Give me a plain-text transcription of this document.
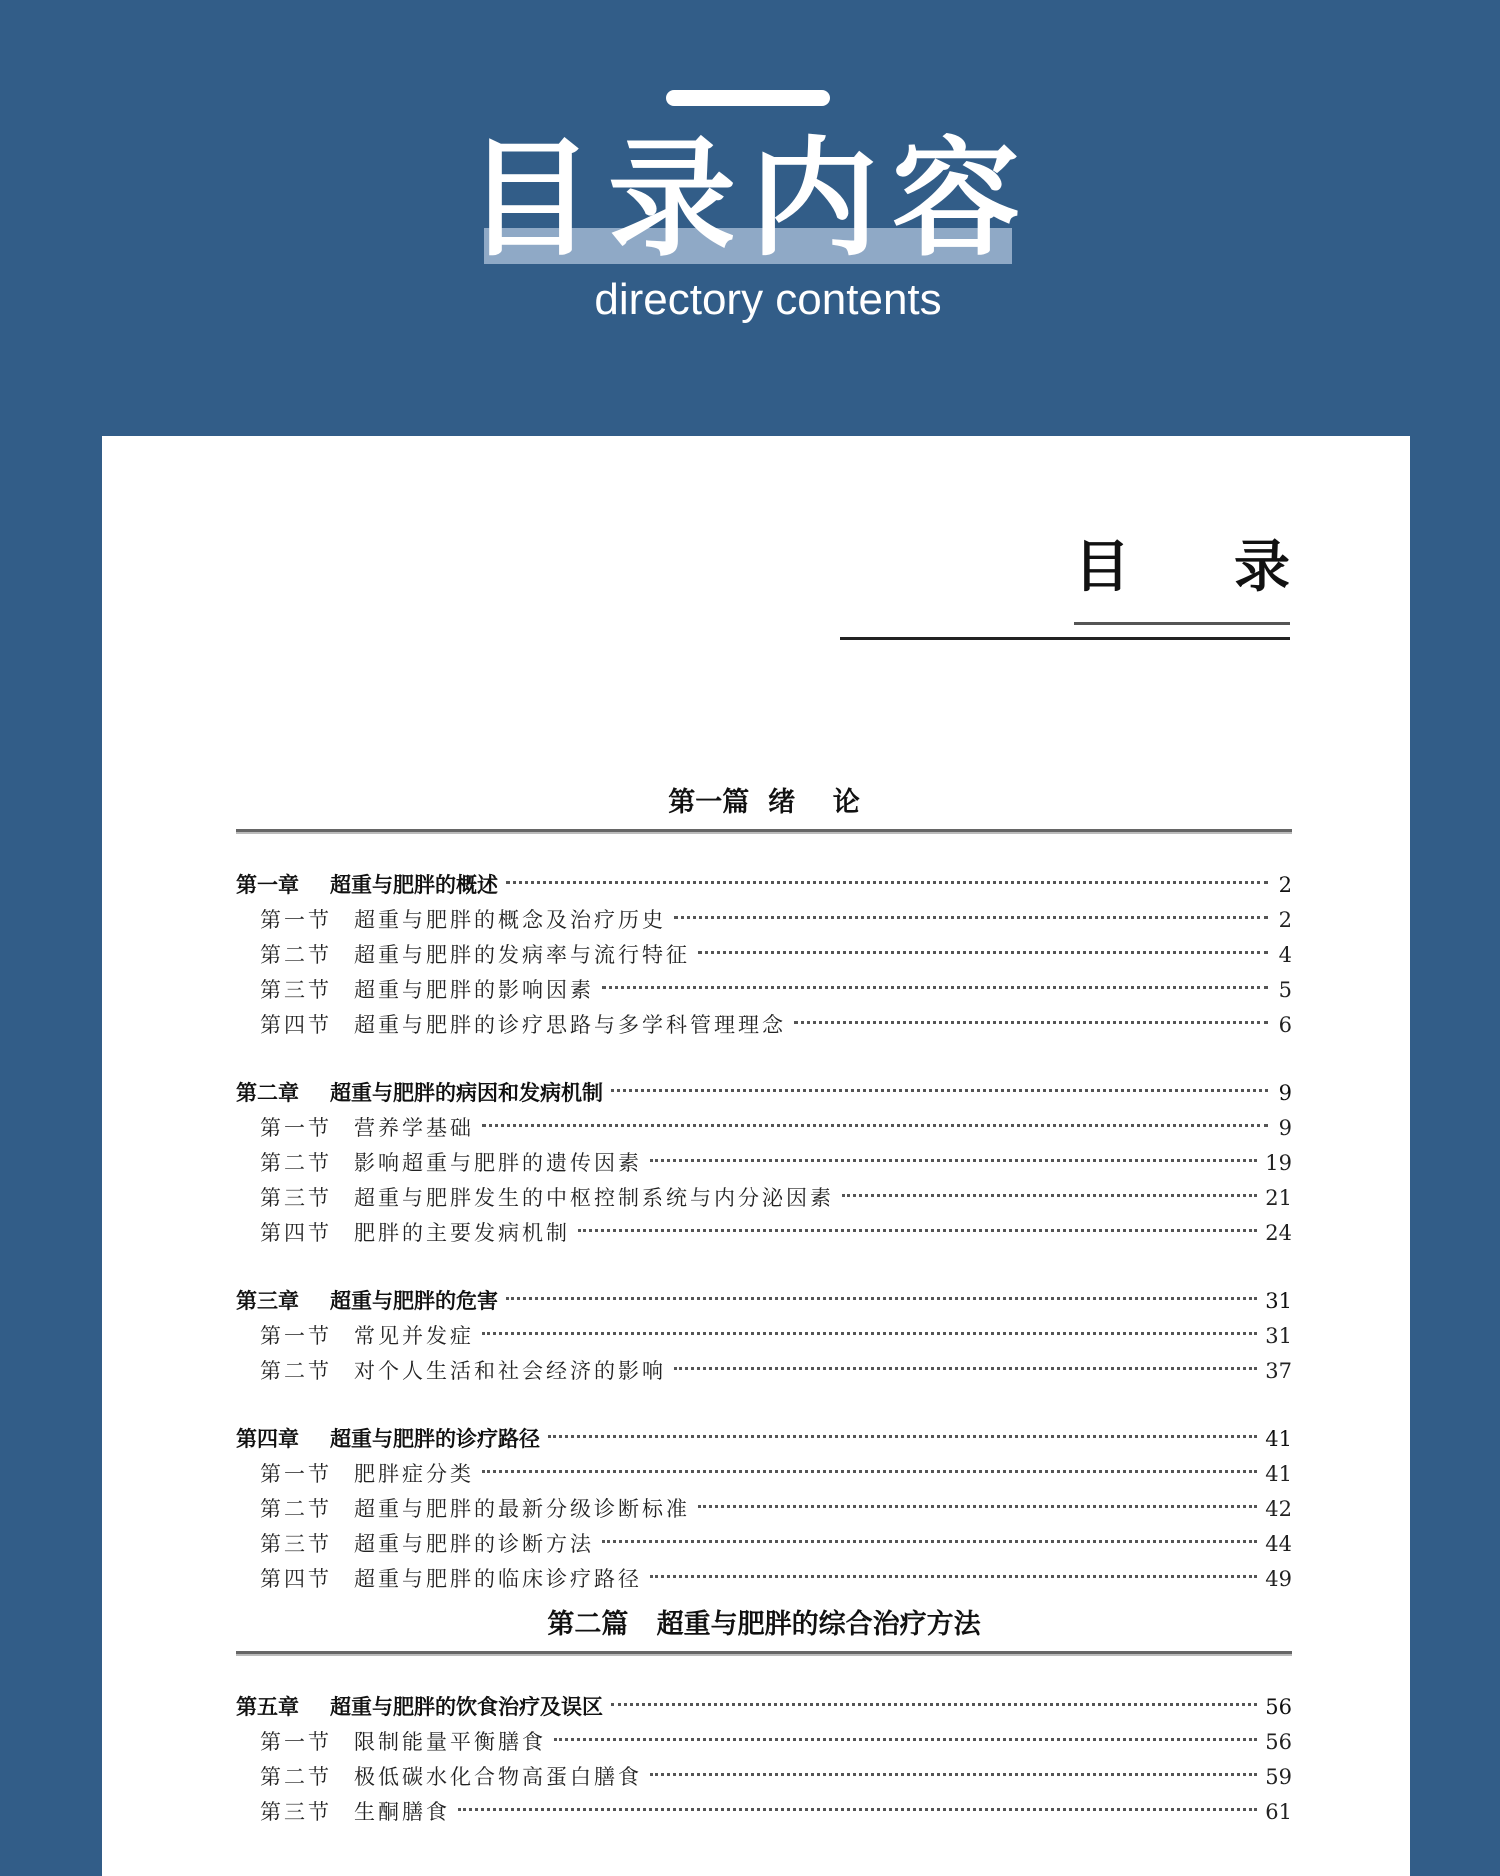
目录内容
directory contents
目 录
第一篇  绪    论
第一章	超重与肥胖的概述	2
第一节	超重与肥胖的概念及治疗历史	2
第二节	超重与肥胖的发病率与流行特征	4
第三节	超重与肥胖的影响因素	5
第四节	超重与肥胖的诊疗思路与多学科管理理念	6
第二章	超重与肥胖的病因和发病机制	9
第一节	营养学基础	9
第二节	影响超重与肥胖的遗传因素	19
第三节	超重与肥胖发生的中枢控制系统与内分泌因素	21
第四节	肥胖的主要发病机制	24
第三章	超重与肥胖的危害	31
第一节	常见并发症	31
第二节	对个人生活和社会经济的影响	37
第四章	超重与肥胖的诊疗路径	41
第一节	肥胖症分类	41
第二节	超重与肥胖的最新分级诊断标准	42
第三节	超重与肥胖的诊断方法	44
第四节	超重与肥胖的临床诊疗路径	49
第二篇   超重与肥胖的综合治疗方法
第五章	超重与肥胖的饮食治疗及误区	56
第一节	限制能量平衡膳食	56
第二节	极低碳水化合物高蛋白膳食	59
第三节	生酮膳食	61
